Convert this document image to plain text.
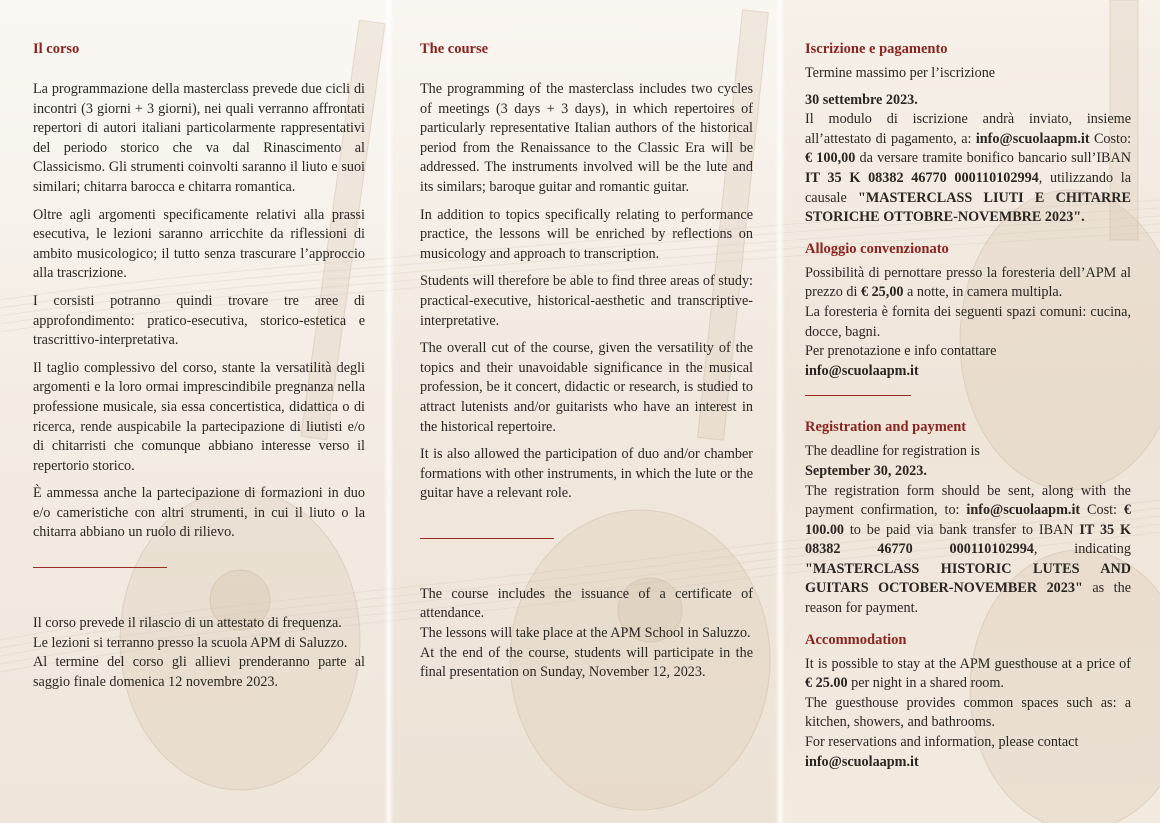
Il corso

La programmazione della masterclass prevede due cicli di incontri (3 giorni + 3 giorni), nei quali verranno affrontati repertori di autori italiani particolarmente rappresentativi del periodo storico che va dal Rinascimento al Classicismo. Gli strumenti coinvolti saranno il liuto e suoi similari; chitarra barocca e chitarra romantica.

Oltre agli argomenti specificamente relativi alla prassi esecutiva, le lezioni saranno arricchite da riflessioni di ambito musicologico; il tutto senza trascurare l’approccio alla trascrizione.

I corsisti potranno quindi trovare tre aree di approfondimento: pratico-esecutiva, storico-estetica e trascrittivo-interpretativa.

Il taglio complessivo del corso, stante la versatilità degli argomenti e la loro ormai imprescindibile pregnanza nella professione musicale, sia essa concertistica, didattica o di ricerca, rende auspicabile la partecipazione di liutisti e/o di chitarristi che comunque abbiano interesse verso il repertorio storico.

È ammessa anche la partecipazione di formazioni in duo e/o cameristiche con altri strumenti, in cui il liuto o la chitarra abbiano un ruolo di rilievo.

Il corso prevede il rilascio di un attestato di frequenza.
Le lezioni si terranno presso la scuola APM di Saluzzo.
Al termine del corso gli allievi prenderanno parte al saggio finale domenica 12 novembre 2023.
The course

The programming of the masterclass includes two cycles of meetings (3 days + 3 days), in which repertoires of particularly representative Italian authors of the historical period from the Renaissance to the Classic Era will be addressed. The instruments involved will be the lute and its similars; baroque guitar and romantic guitar.

In addition to topics specifically relating to performance practice, the lessons will be enriched by reflections on musicology and approach to transcription.

Students will therefore be able to find three areas of study: practical-executive, historical-aesthetic and transcriptive-interpretative.

The overall cut of the course, given the versatility of the topics and their unavoidable significance in the musical profession, be it concert, didactic or research, is studied to attract lutenists and/or guitarists who have an interest in the historical repertoire.

It is also allowed the participation of duo and/or chamber formations with other instruments, in which the lute or the guitar have a relevant role.

The course includes the issuance of a certificate of attendance.
The lessons will take place at the APM School in Saluzzo.
At the end of the course, students will participate in the final presentation on Sunday, November 12, 2023.
Iscrizione e pagamento
Termine massimo per l’iscrizione
30 settembre 2023.

Il modulo di iscrizione andrà inviato, insieme all’attestato di pagamento, a: info@scuolaapm.it Costo: € 100,00 da versare tramite bonifico bancario sull’IBAN IT 35 K 08382 46770 000110102994, utilizzando la causale "MASTERCLASS LIUTI E CHITARRE STORICHE OTTOBRE-NOVEMBRE 2023".

Alloggio convenzionato

Possibilità di pernottare presso la foresteria dell’APM al prezzo di € 25,00 a notte, in camera multipla.

La foresteria è fornita dei seguenti spazi comuni: cucina, docce, bagni.
Per prenotazione e info contattare
info@scuolaapm.it
Registration and payment
The deadline for registration is
September 30, 2023.

The registration form should be sent, along with the payment confirmation, to: info@scuolaapm.it Cost: € 100.00 to be paid via bank transfer to IBAN IT 35 K 08382 46770 000110102994, indicating "MASTERCLASS HISTORIC LUTES AND GUITARS OCTOBER-NOVEMBER 2023" as the reason for payment.

Accommodation

It is possible to stay at the APM guesthouse at a price of € 25.00 per night in a shared room.

The guesthouse provides common spaces such as: a kitchen, showers, and bathrooms.
For reservations and information, please contact
info@scuolaapm.it
